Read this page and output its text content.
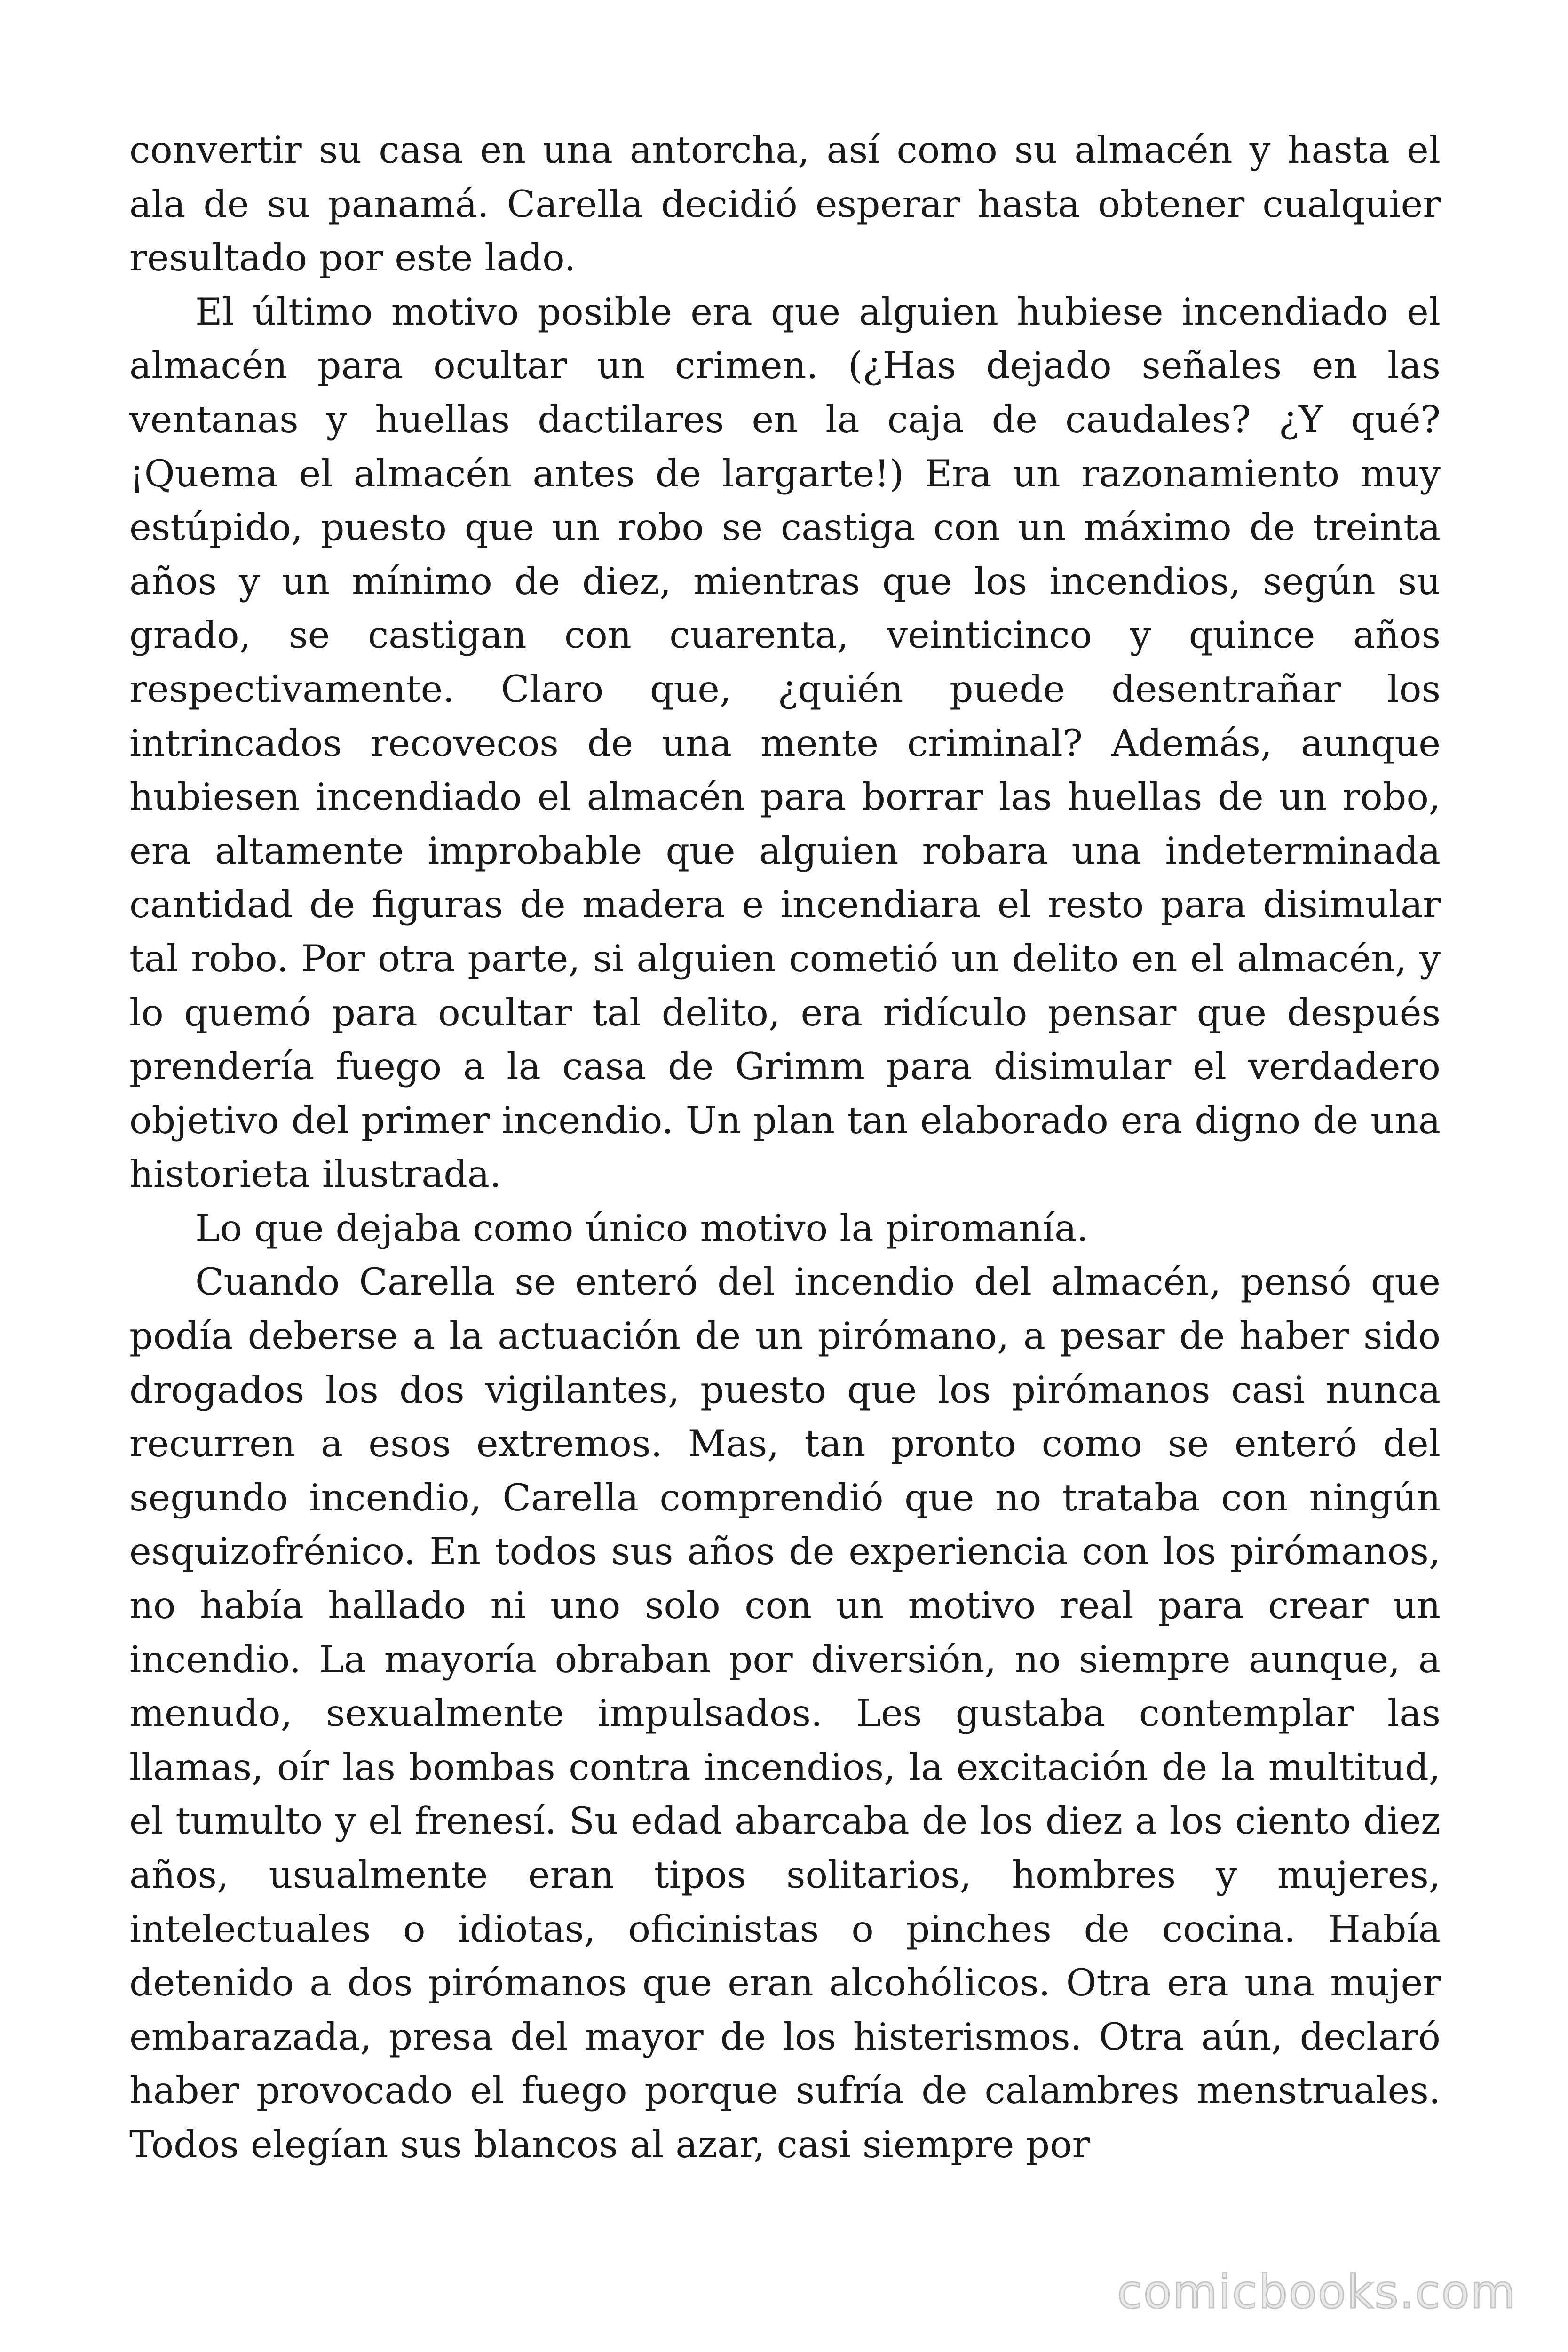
convertir su casa en una antorcha, así como su almacén y hasta el ala de su panamá. Carella decidió esperar hasta obtener cualquier resultado por este lado.

El último motivo posible era que alguien hubiese incendiado el almacén para ocultar un crimen. (¿Has dejado señales en las ventanas y huellas dactilares en la caja de caudales? ¿Y qué? ¡Quema el almacén antes de largarte!) Era un razonamiento muy estúpido, puesto que un robo se castiga con un máximo de treinta años y un mínimo de diez, mientras que los incendios, según su grado, se castigan con cuarenta, veinticinco y quince años respectivamente. Claro que, ¿quién puede desentrañar los intrincados recovecos de una mente criminal? Además, aunque hubiesen incendiado el almacén para borrar las huellas de un robo, era altamente improbable que alguien robara una indeterminada cantidad de figuras de madera e incendiara el resto para disimular tal robo. Por otra parte, si alguien cometió un delito en el almacén, y lo quemó para ocultar tal delito, era ridículo pensar que después prendería fuego a la casa de Grimm para disimular el verdadero objetivo del primer incendio. Un plan tan elaborado era digno de una historieta ilustrada.

Lo que dejaba como único motivo la piromanía.

Cuando Carella se enteró del incendio del almacén, pensó que podía deberse a la actuación de un pirómano, a pesar de haber sido drogados los dos vigilantes, puesto que los pirómanos casi nunca recurren a esos extremos. Mas, tan pronto como se enteró del segundo incendio, Carella comprendió que no trataba con ningún esquizofrénico. En todos sus años de experiencia con los pirómanos, no había hallado ni uno solo con un motivo real para crear un incendio. La mayoría obraban por diversión, no siempre aunque, a menudo, sexualmente impulsados. Les gustaba contemplar las llamas, oír las bombas contra incendios, la excitación de la multitud, el tumulto y el frenesí. Su edad abarcaba de los diez a los ciento diez años, usualmente eran tipos solitarios, hombres y mujeres, intelectuales o idiotas, oficinistas o pinches de cocina. Había detenido a dos pirómanos que eran alcohólicos. Otra era una mujer embarazada, presa del mayor de los histerismos. Otra aún, declaró haber provocado el fuego porque sufría de calambres menstruales. Todos elegían sus blancos al azar, casi siempre por

comicbooks.com
